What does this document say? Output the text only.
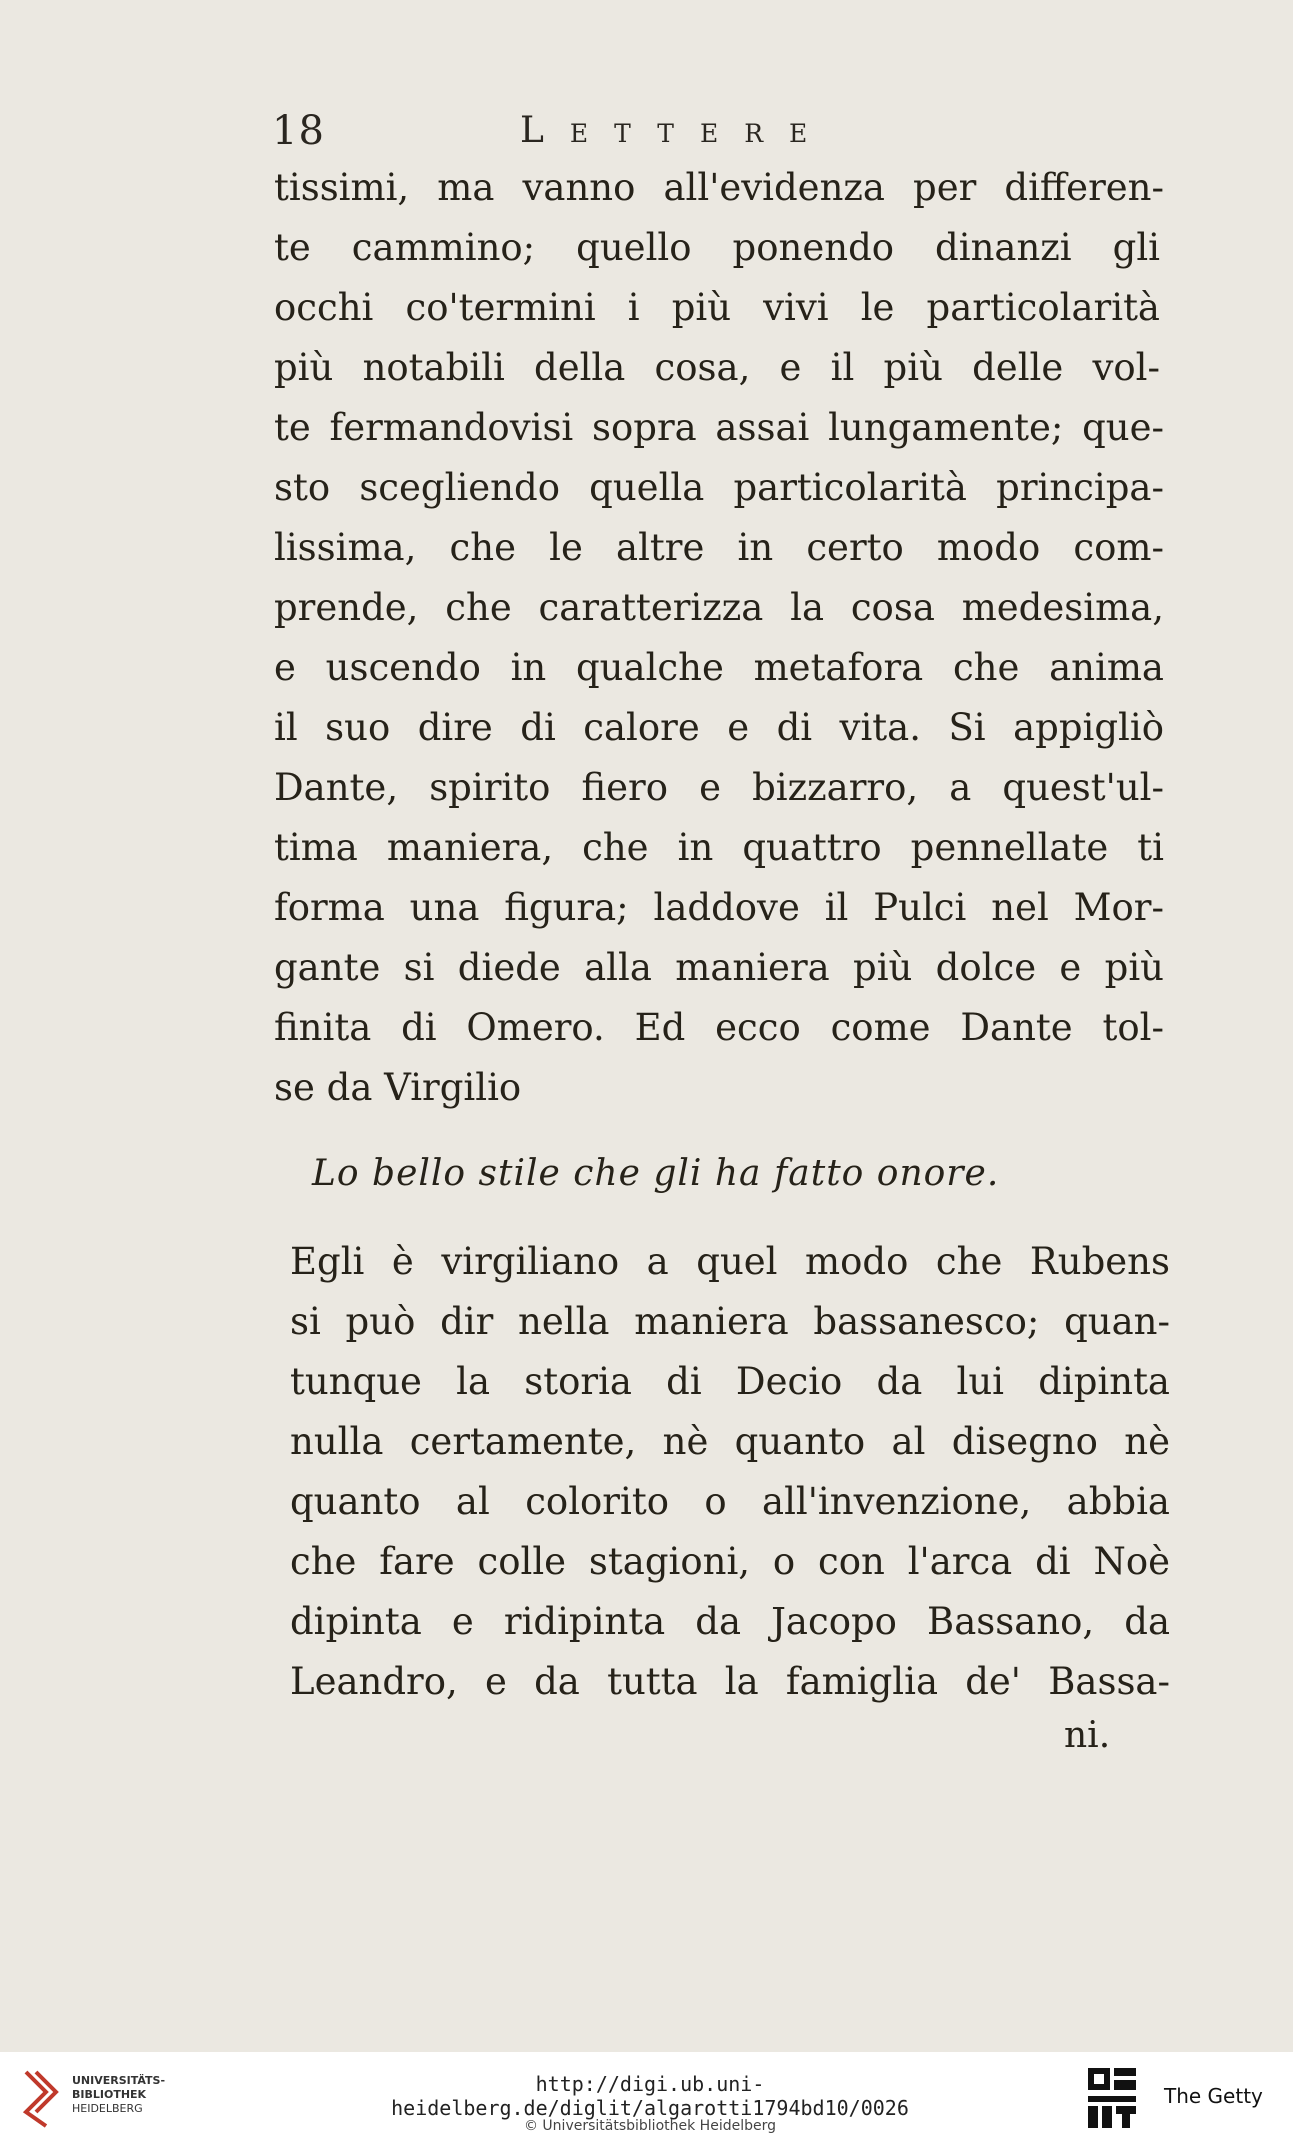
18	Lettere
tissimi, ma vanno all'evidenza per differen-
te cammino; quello ponendo dinanzi gli
occhi co'termini i più vivi le particolarità
più notabili della cosa, e il più delle vol-
te fermandovisi sopra assai lungamente; que-
sto scegliendo quella particolarità principa-
lissima, che le altre in certo modo com-
prende, che caratterizza la cosa medesima,
e uscendo in qualche metafora che anima
il suo dire di calore e di vita. Si appigliò
Dante, spirito fiero e bizzarro, a quest'ul-
tima maniera, che in quattro pennellate ti
forma una figura; laddove il Pulci nel Mor-
gante si diede alla maniera più dolce e più
finita di Omero. Ed ecco come Dante tol-
se da Virgilio
Lo bello stile che gli ha fatto onore.
Egli è virgiliano a quel modo che Rubens
si può dir nella maniera bassanesco; quan-
tunque la storia di Decio da lui dipinta
nulla certamente, nè quanto al disegno nè
quanto al colorito o all'invenzione, abbia
che fare colle stagioni, o con l'arca di Noè
dipinta e ridipinta da Jacopo Bassano, da
Leandro, e da tutta la famiglia de' Bassa-
ni.
UNIVERSITÄTS-
BIBLIOTHEK
HEIDELBERG
http://digi.ub.uni-heidelberg.de/diglit/algarotti1794bd10/0026
© Universitätsbibliothek Heidelberg
The Getty
